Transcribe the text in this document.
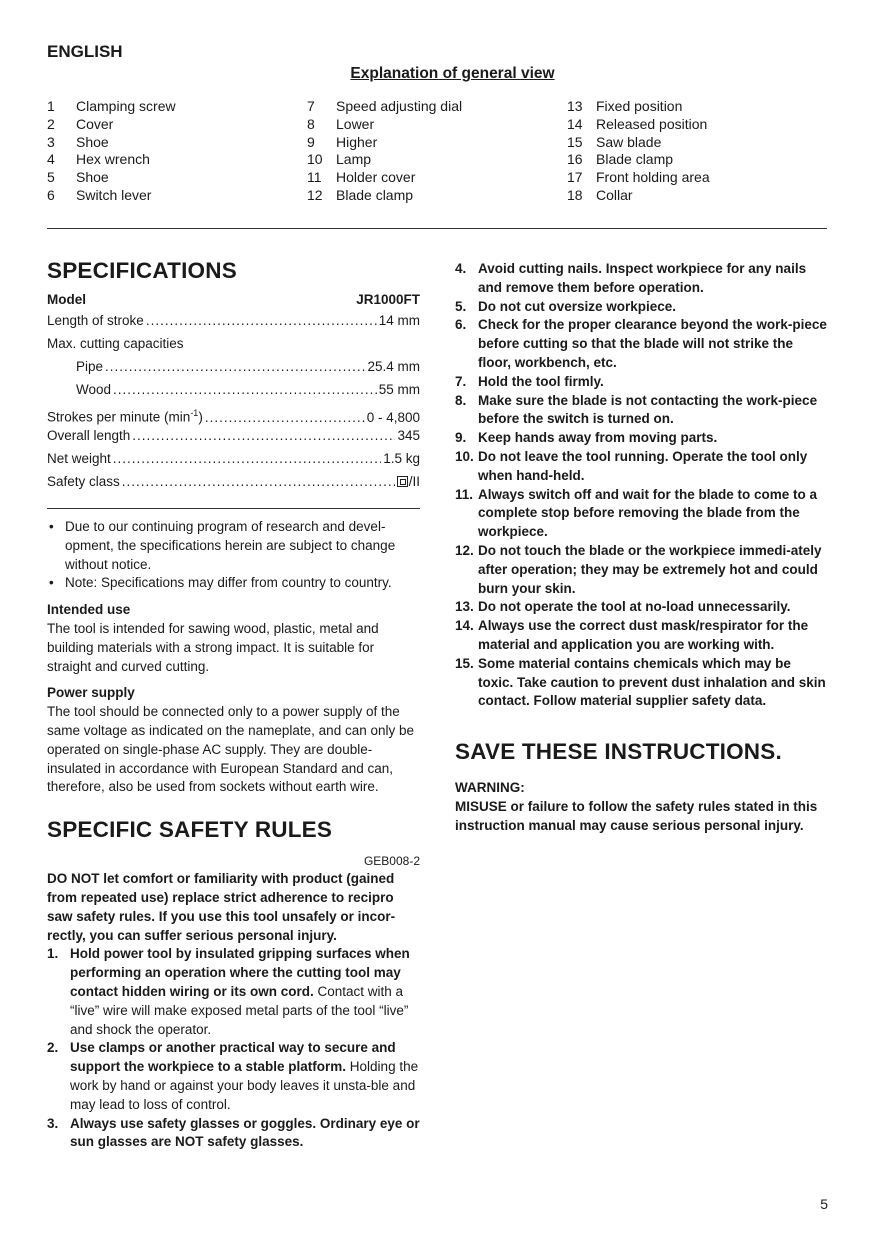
ENGLISH
Explanation of general view
1 Clamping screw
2 Cover
3 Shoe
4 Hex wrench
5 Shoe
6 Switch lever
7 Speed adjusting dial
8 Lower
9 Higher
10 Lamp
11 Holder cover
12 Blade clamp
13 Fixed position
14 Released position
15 Saw blade
16 Blade clamp
17 Front holding area
18 Collar
SPECIFICATIONS
Model	JR1000FT
Length of stroke .....	14 mm
Max. cutting capacities
Pipe .....	25.4 mm
Wood .....	55 mm
Strokes per minute $(\min^{-1})$ .....	0 - 4,800
Overall length .....	345
Net weight .....	1.5 kg
Safety class .....	/II
• Due to our continuing program of research and devel-opment, the specifications herein are subject to change without notice.
• Note: Specifications may differ from country to country.
Intended use

The tool is intended for sawing wood, plastic, metal and building materials with a strong impact. It is suitable for straight and curved cutting.

Power supply

The tool should be connected only to a power supply of the same voltage as indicated on the nameplate, and can only be operated on single-phase AC supply. They are double-insulated in accordance with European Standard and can, therefore, also be used from sockets without earth wire.

SPECIFIC SAFETY RULES
GEB008-2

DO NOT let comfort or familiarity with product (gained from repeated use) replace strict adherence to recipro saw safety rules. If you use this tool unsafely or incor-rectly, you can suffer serious personal injury.

1. Hold power tool by insulated gripping surfaces when performing an operation where the cutting tool may contact hidden wiring or its own cord. Contact with a “live” wire will make exposed metal parts of the tool “live” and shock the operator.
2. Use clamps or another practical way to secure and support the workpiece to a stable platform. Holding the work by hand or against your body leaves it unsta-ble and may lead to loss of control.
3. Always use safety glasses or goggles. Ordinary eye or sun glasses are NOT safety glasses.
4. Avoid cutting nails. Inspect workpiece for any nails and remove them before operation.
5. Do not cut oversize workpiece.
6. Check for the proper clearance beyond the work-piece before cutting so that the blade will not strike the floor, workbench, etc.
7. Hold the tool firmly.
8. Make sure the blade is not contacting the work-piece before the switch is turned on.
9. Keep hands away from moving parts.
10. Do not leave the tool running. Operate the tool only when hand-held.
11. Always switch off and wait for the blade to come to a complete stop before removing the blade from the workpiece.
12. Do not touch the blade or the workpiece immedi-ately after operation; they may be extremely hot and could burn your skin.
13. Do not operate the tool at no-load unnecessarily.
14. Always use the correct dust mask/respirator for the material and application you are working with.
15. Some material contains chemicals which may be toxic. Take caution to prevent dust inhalation and skin contact. Follow material supplier safety data.
SAVE THESE INSTRUCTIONS.
WARNING:

MISUSE or failure to follow the safety rules stated in this instruction manual may cause serious personal injury.

5
